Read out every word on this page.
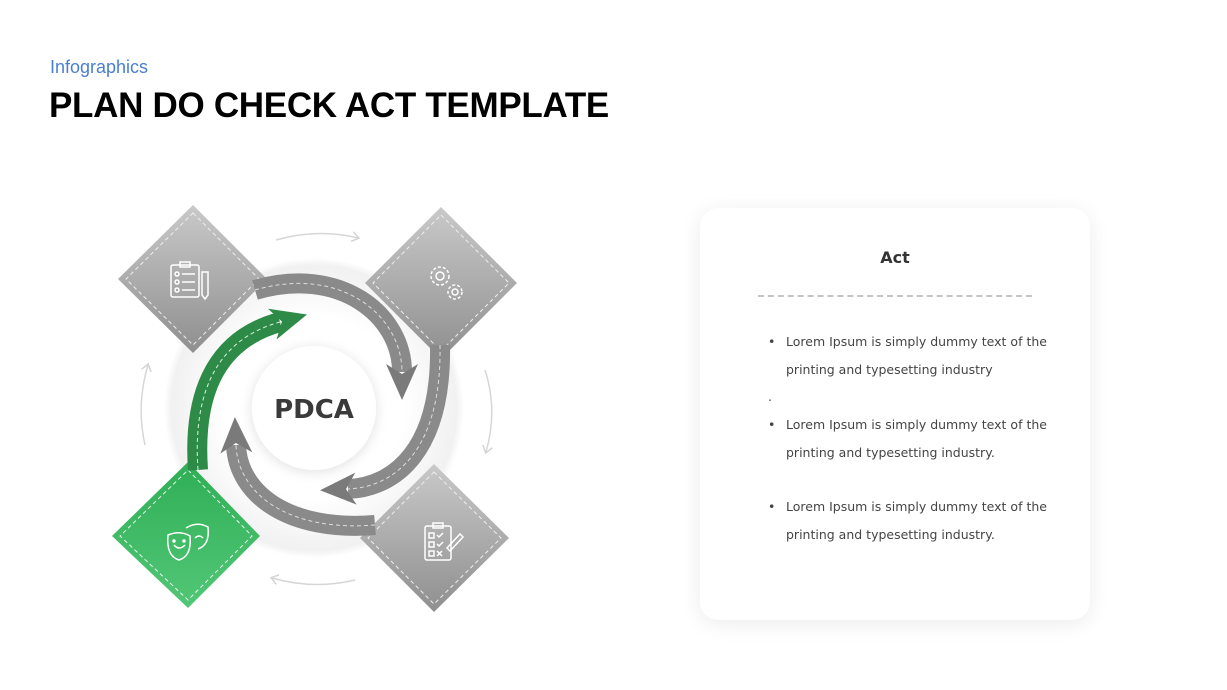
Infographics
PLAN DO CHECK ACT TEMPLATE
PDCA
Act
• Lorem Ipsum is simply dummy text of the printing and typesetting industry
.
• Lorem Ipsum is simply dummy text of the printing and typesetting industry.
• Lorem Ipsum is simply dummy text of the printing and typesetting industry.
